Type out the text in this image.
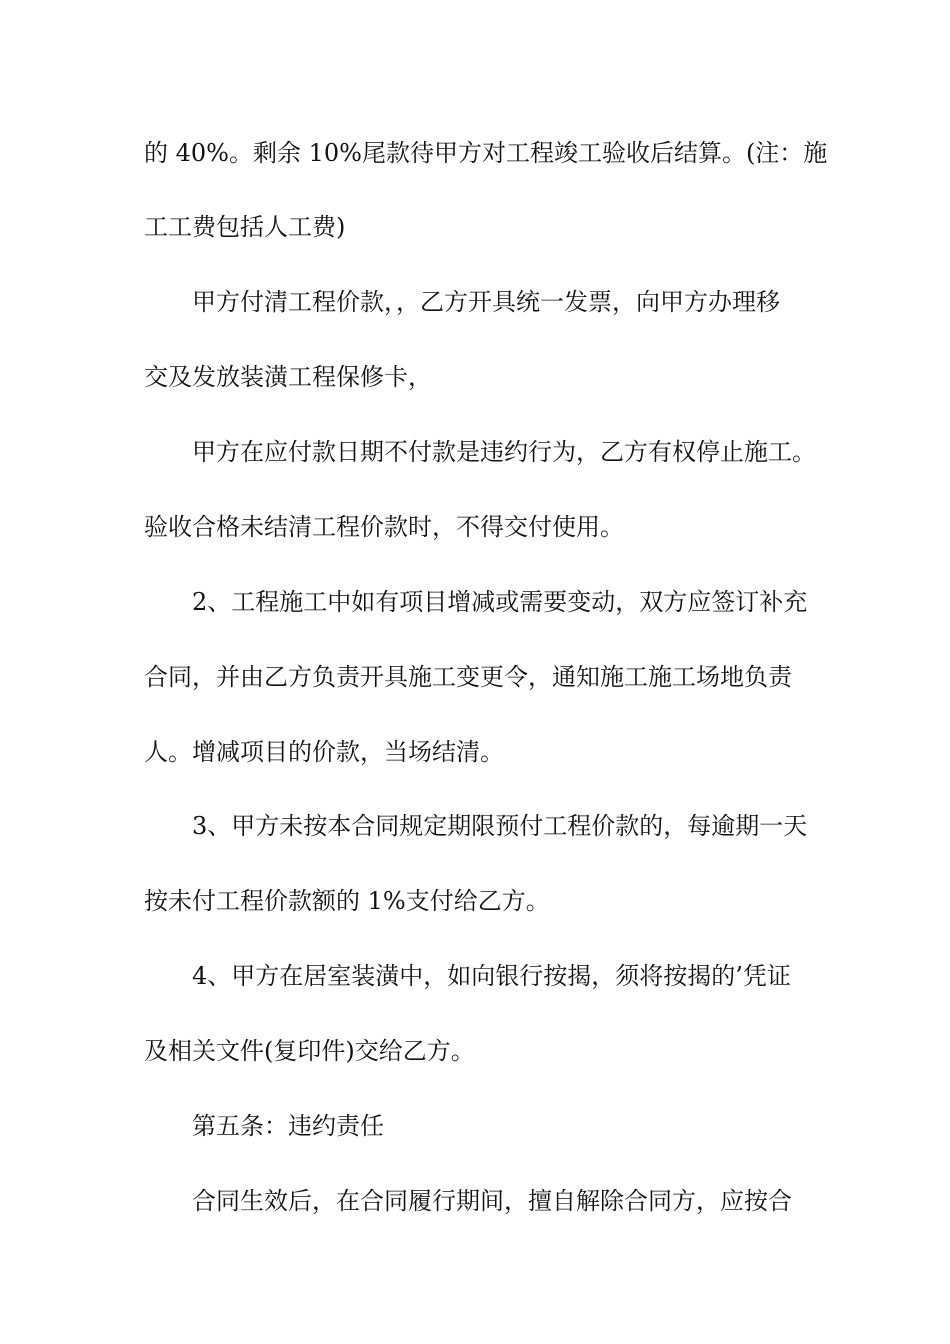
的 40%。剩余 10%尾款待甲方对工程竣工验收后结算。(注：施
工工费包括人工费)
甲方付清工程价款，，乙方开具统一发票，向甲方办理移
交及发放装潢工程保修卡，
甲方在应付款日期不付款是违约行为，乙方有权停止施工。
验收合格未结清工程价款时，不得交付使用。
2、工程施工中如有项目增减或需要变动，双方应签订补充
合同，并由乙方负责开具施工变更令，通知施工施工场地负责
人。增减项目的价款，当场结清。
3、甲方未按本合同规定期限预付工程价款的，每逾期一天
按未付工程价款额的 1%支付给乙方。
4、甲方在居室装潢中，如向银行按揭，须将按揭的’凭证
及相关文件(复印件)交给乙方。
第五条：违约责任
合同生效后，在合同履行期间，擅自解除合同方，应按合
